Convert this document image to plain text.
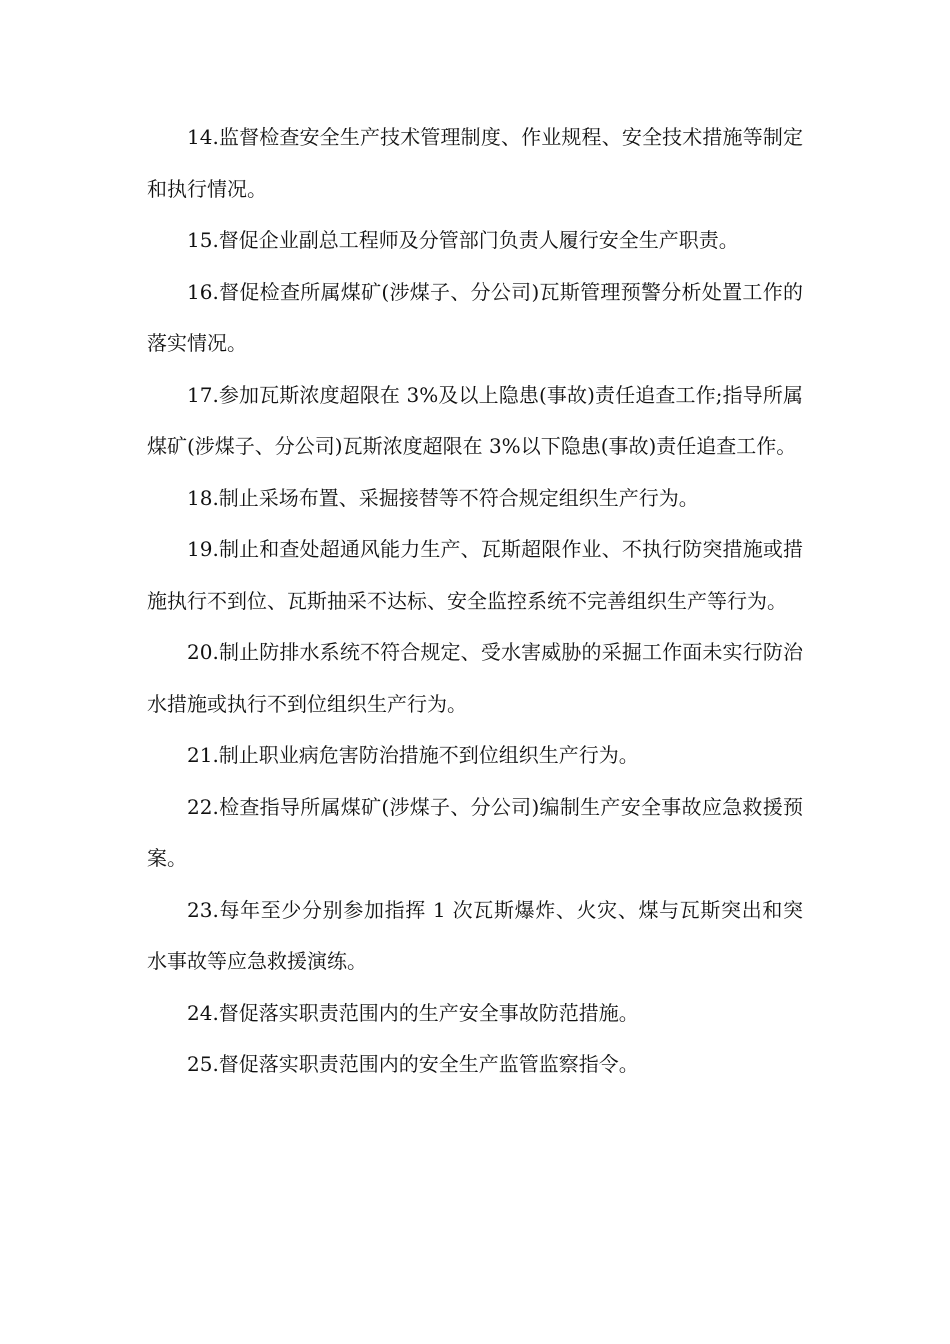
14.监督检查安全生产技术管理制度、作业规程、安全技术措施等制定和执行情况。

15.督促企业副总工程师及分管部门负责人履行安全生产职责。

16.督促检查所属煤矿(涉煤子、分公司)瓦斯管理预警分析处置工作的落实情况。

17.参加瓦斯浓度超限在 3%及以上隐患(事故)责任追查工作;指导所属煤矿(涉煤子、分公司)瓦斯浓度超限在 3%以下隐患(事故)责任追查工作。

18.制止采场布置、采掘接替等不符合规定组织生产行为。

19.制止和查处超通风能力生产、瓦斯超限作业、不执行防突措施或措施执行不到位、瓦斯抽采不达标、安全监控系统不完善组织生产等行为。

20.制止防排水系统不符合规定、受水害威胁的采掘工作面未实行防治水措施或执行不到位组织生产行为。

21.制止职业病危害防治措施不到位组织生产行为。

22.检查指导所属煤矿(涉煤子、分公司)编制生产安全事故应急救援预案。

23.每年至少分别参加指挥 1 次瓦斯爆炸、火灾、煤与瓦斯突出和突水事故等应急救援演练。

24.督促落实职责范围内的生产安全事故防范措施。

25.督促落实职责范围内的安全生产监管监察指令。
